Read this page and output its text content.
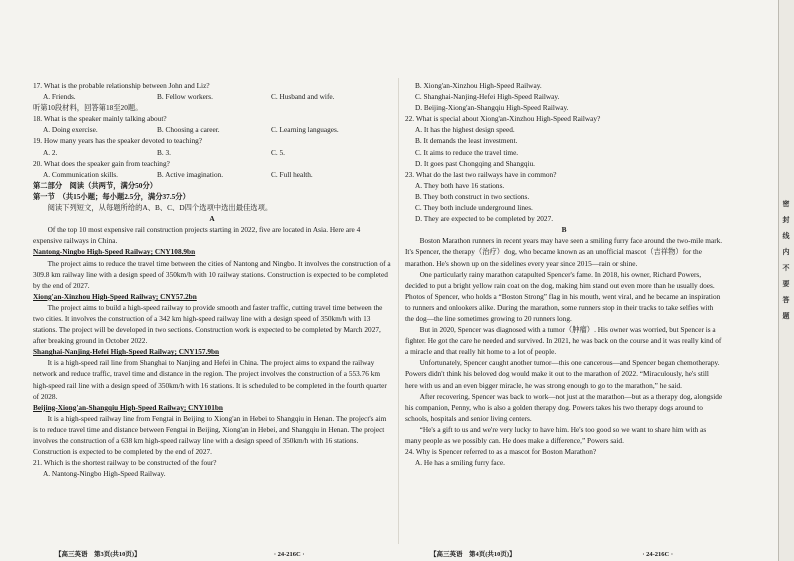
17. What is the probable relationship between John and Liz?

A. Friends.	B. Fellow workers.	C. Husband and wife.

听第10段材料，回答第18至20题。

18. What is the speaker mainly talking about?

A. Doing exercise.	B. Choosing a career.	C. Learning languages.

19. How many years has the speaker devoted to teaching?

A. 2.	B. 3.	C. 5.

20. What does the speaker gain from teaching?

A. Communication skills.	B. Active imagination.	C. Full health.

第二部分　阅读（共两节，满分50分）

第一节　（共15小题；每小题2.5分，满分37.5分）

阅读下列短文，从每题所给的A、B、C、D四个选项中选出最佳选项。

A

Of the top 10 most expensive rail construction projects starting in 2022, five are located in Asia. Here are 4 expensive railways in China.

Nantong-Ningbo High-Speed Railway; CNY108.9bn

The project aims to reduce the travel time between the cities of Nantong and Ningbo. It involves the construction of a 309.8 km railway line with a design speed of 350km/h with 10 railway stations. Construction is expected to be completed by the end of 2027.

Xiong'an-Xinzhou High-Speed Railway; CNY57.2bn

The project aims to build a high-speed railway to provide smooth and faster traffic, cutting travel time between the two cities. It involves the construction of a 342 km high-speed railway line with a design speed of 350km/h with 13 stations. The project will be developed in two sections. Construction work is expected to be completed by March 2027, after breaking ground in October 2022.

Shanghai-Nanjing-Hefei High-Speed Railway; CNY157.9bn

It is a high-speed rail line from Shanghai to Nanjing and Hefei in China. The project aims to expand the railway network and reduce traffic, travel time and distance in the region. The project involves the construction of a 553.76 km high-speed rail line with a design speed of 350km/h with 16 stations. It is scheduled to be completed in the fourth quarter of 2028.

Beijing-Xiong'an-Shangqiu High-Speed Railway; CNY101bn

It is a high-speed railway line from Fengtai in Beijing to Xiong'an in Hebei to Shangqiu in Henan. The project's aim is to reduce travel time and distance between Fengtai in Beijing, Xiong'an in Hebei, and Shangqiu in Henan. The project involves the construction of a 638 km high-speed railway line with a design speed of 350km/h with 16 stations. Construction is expected to be completed by the end of 2027.

21. Which is the shortest railway to be constructed of the four?

A. Nantong-Ningbo High-Speed Railway.

B. Xiong'an-Xinzhou High-Speed Railway.

C. Shanghai-Nanjing-Hefei High-Speed Railway.

D. Beijing-Xiong'an-Shangqiu High-Speed Railway.

22. What is special about Xiong'an-Xinzhou High-Speed Railway?

A. It has the highest design speed.

B. It demands the least investment.

C. It aims to reduce the travel time.

D. It goes past Chongqing and Shangqiu.

23. What do the last two railways have in common?

A. They both have 16 stations.

B. They both construct in two sections.

C. They both include underground lines.

D. They are expected to be completed by 2027.

B

Boston Marathon runners in recent years may have seen a smiling furry face around the two-mile mark. It's Spencer, the therapy（治疗）dog, who became known as an unofficial mascot（吉祥物）for the marathon. He's shown up on the sidelines every year since 2015—rain or shine.

One particularly rainy marathon catapulted Spencer's fame. In 2018, his owner, Richard Powers, decided to put a bright yellow rain coat on the dog, making him stand out even more than he usually does. Photos of Spencer, who holds a “Boston Strong” flag in his mouth, went viral, and he became an inspiration to runners and onlookers alike. During the marathon, some runners stop in their tracks to take selfies with the dog—the line sometimes growing to 20 runners long.

But in 2020, Spencer was diagnosed with a tumor（肿瘤）. His owner was worried, but Spencer is a fighter. He got the care he needed and survived. In 2021, he was back on the course and it was really kind of a miracle and that really hit home to a lot of people.

Unfortunately, Spencer caught another tumor—this one cancerous—and Spencer began chemotherapy. Powers didn't think his beloved dog would make it out to the marathon of 2022. “Miraculously, he's still here with us and an even bigger miracle, he was strong enough to go to the marathon,” he said.

After recovering, Spencer was back to work—not just at the marathon—but as a therapy dog, alongside his companion, Penny, who is also a golden therapy dog. Powers takes his two therapy dogs around to schools, hospitals and senior living centers.

“He's a gift to us and we're very lucky to have him. He's too good so we want to share him with as many people as we possibly can. He does make a difference,” Powers said.

24. Why is Spencer referred to as a mascot for Boston Marathon?

A. He has a smiling furry face.

【高三英语　第3页(共10页)】　　　　　　　　　　　　　　　　　　　　　· 24-216C ·	【高三英语　第4页(共10页)】　　　　　　　　　　　　　　　　　　　　· 24-216C ·
密封线内不要答题
